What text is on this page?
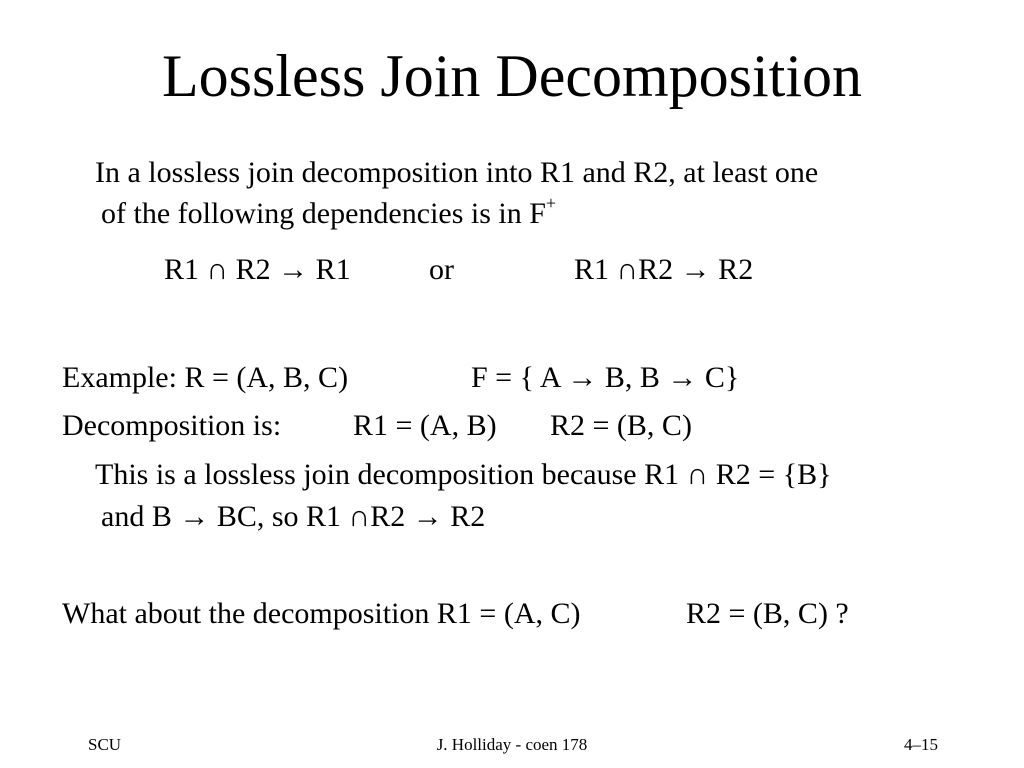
Lossless Join Decomposition
In a lossless join decomposition into R1 and R2, at least one
of the following dependencies is in F+
R1 ∩ R2 → R1	or	R1 ∩R2 → R2
Example: R = (A, B, C)	F = { A → B, B → C}
Decomposition is: R1 = (A, B) R2 = (B, C)
This is a lossless join decomposition because R1 ∩ R2 = {B}
and B → BC, so R1 ∩R2 → R2
What about the decomposition R1 = (A, C)	R2 = (B, C) ?
SCU	J. Holliday - coen 178	4–15
